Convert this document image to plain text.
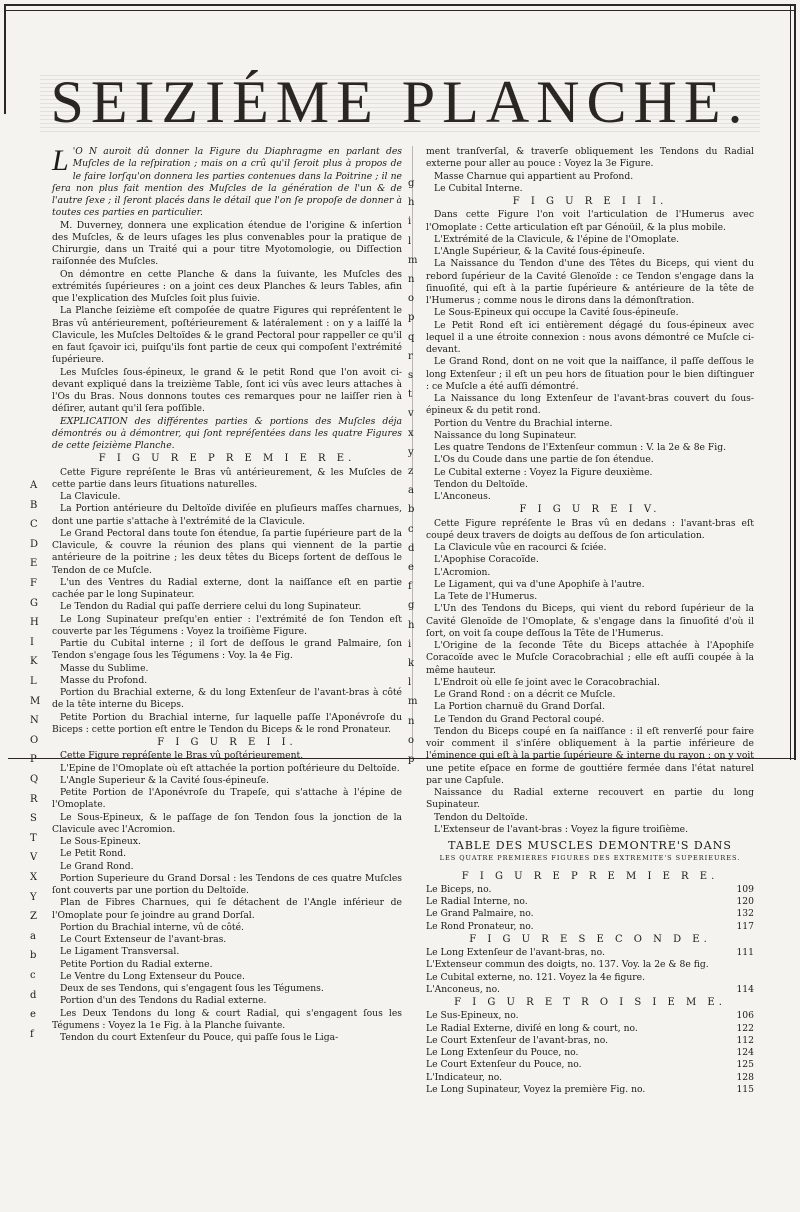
SEIZIÉME PLANCHE.

L 'O N auroit dû donner la Figure du Diaphragme en parlant des Muſcles de la reſpiration ; mais on a crû qu'il ſeroit plus à propos de le faire lorſqu'on donnera les parties contenues dans la Poitrine ; il ne ſera non plus fait mention des Muſcles de la génération de l'un & de l'autre ſexe ; il ſeront placés dans le détail que l'on ſe propoſe de donner à toutes ces parties en particulier.

M. Duverney, donnera une explication étendue de l'origine & inſertion des Muſcles, & de leurs uſages les plus convenables pour la pratique de Chirurgie, dans un Traité qui a pour titre Myotomologie, ou Diſſection raiſonnée des Muſcles.

On démontre en cette Planche & dans la ſuivante, les Muſcles des extrémités ſupérieures : on a joint ces deux Planches & leurs Tables, afin que l'explication des Muſcles ſoit plus ſuivie.

La Planche ſeizième eſt compoſée de quatre Figures qui repréſentent le Bras vû antérieurement, poſtérieurement & latéralement : on y a laiſſé la Clavicule, les Muſcles Deltoïdes & le grand Pectoral pour rappeller ce qu'il en faut ſçavoir ici, puiſqu'ils font partie de ceux qui compoſent l'extrémité ſupérieure.

Les Muſcles ſous-épineux, le grand & le petit Rond que l'on avoit ci-devant expliqué dans la treizième Table, ſont ici vûs avec leurs attaches à l'Os du Bras. Nous donnons toutes ces remarques pour ne laiſſer rien à déſirer, autant qu'il ſera poſſible.

EXPLICATION des différentes parties & portions des Muſcles déja démontrés ou à démontrer, qui ſont repréſentées dans les quatre Figures de cette ſeizième Planche.

F I G U R E P R E M I E R E.

Cette Figure repréſente le Bras vû antérieurement, & les Muſcles de cette partie dans leurs ſituations naturelles.

La Clavicule.

La Portion antérieure du Deltoïde diviſée en pluſieurs maſſes charnues, dont une partie s'attache à l'extrémité de la Clavicule.

Le Grand Pectoral dans toute ſon étendue, ſa partie ſupérieure part de la Clavicule, & couvre la réunion des plans qui viennent de la partie antérieure de la poitrine ; les deux têtes du Biceps ſortent de deſſous le Tendon de ce Muſcle.

L'un des Ventres du Radial externe, dont la naiſſance eſt en partie cachée par le long Supinateur.

Le Tendon du Radial qui paſſe derriere celui du long Supinateur.

Le Long Supinateur preſqu'en entier : l'extrémité de ſon Tendon eſt couverte par les Tégumens : Voyez la troiſième Figure.

Partie du Cubital interne ; il ſort de deſſous le grand Palmaire, ſon Tendon s'engage ſous les Tégumens : Voy. la 4e Fig.

Masse du Sublime.

Masse du Profond.

Portion du Brachial externe, & du long Extenſeur de l'avant-bras à côté de la tête interne du Biceps.

Petite Portion du Brachial interne, ſur laquelle paſſe l'Aponévroſe du Biceps : cette portion eſt entre le Tendon du Biceps & le rond Pronateur.

F I G U R E I I.

Cette Figure repréſente le Bras vû poſtérieurement.

L'Epine de l'Omoplate où eſt attachée la portion poſtérieure du Deltoïde.

L'Angle Superieur & la Cavité ſous-épineuſe.

Petite Portion de l'Aponévroſe du Trapeſe, qui s'attache à l'épine de l'Omoplate.

Le Sous-Epineux, & le paſſage de ſon Tendon ſous la jonction de la Clavicule avec l'Acromion.

Le Sous-Epineux.

Le Petit Rond.

Le Grand Rond.

Portion Superieure du Grand Dorsal : les Tendons de ces quatre Muſcles ſont couverts par une portion du Deltoïde.

Plan de Fibres Charnues, qui ſe détachent de l'Angle inférieur de l'Omoplate pour ſe joindre au grand Dorſal.

Portion du Brachial interne, vû de côté.

Le Court Extenseur de l'avant-bras.

Le Ligament Transversal.

Petite Portion du Radial externe.

Le Ventre du Long Extenseur du Pouce.

Deux de ses Tendons, qui s'engagent ſous les Tégumens.

Portion d'un des Tendons du Radial externe.

Les Deux Tendons du long & court Radial, qui s'engagent ſous les Tégumens : Voyez la 1e Fig. à la Planche ſuivante.

Tendon du court Extenſeur du Pouce, qui paſſe ſous le Liga-

A
B
C
D
E
F
G
H
I
K
L
M
N
O
P
Q
R
S
T
V
X
Y
Z
a
b
c
d
e
f

ment tranſverſal, & traverſe obliquement les Tendons du Radial externe pour aller au pouce : Voyez la 3e Figure.

Masse Charnue qui appartient au Profond.

Le Cubital Interne.

F I G U R E I I I.

Dans cette Figure l'on voit l'articulation de l'Humerus avec l'Omoplate : Cette articulation eſt par Génoüil, & la plus mobile.

L'Extrémité de la Clavicule, & l'épine de l'Omoplate.

L'Angle Supérieur, & la Cavité ſous-épineuſe.

La Naissance du Tendon d'une des Têtes du Biceps, qui vient du rebord ſupérieur de la Cavité Glenoïde : ce Tendon s'engage dans la ſinuoſité, qui eſt à la partie ſupérieure & antérieure de la tête de l'Humerus ; comme nous le dirons dans la démonſtration.

Le Sous-Epineux qui occupe la Cavité ſous-épineuſe.

Le Petit Rond eſt ici entièrement dégagé du ſous-épineux avec lequel il a une étroite connexion : nous avons démontré ce Muſcle ci-devant.

Le Grand Rond, dont on ne voit que la naiſſance, il paſſe deſſous le long Extenſeur ; il eſt un peu hors de ſituation pour le bien diſtinguer : ce Muſcle a été auſſi démontré.

La Naissance du long Extenſeur de l'avant-bras couvert du ſous-épineux & du petit rond.

Portion du Ventre du Brachial interne.

Naissance du long Supinateur.

Les quatre Tendons de l'Extenſeur commun : V. la 2e & 8e Fig.

L'Os du Coude dans une partie de ſon étendue.

Le Cubital externe : Voyez la Figure deuxième.

Tendon du Deltoïde.

L'Anconeus.

F I G U R E I V.

Cette Figure repréſente le Bras vû en dedans : l'avant-bras eſt coupé deux travers de doigts au deſſous de ſon articulation.

La Clavicule vûe en racourci & ſciée.

L'Apophise Coracoïde.

L'Acromion.

Le Ligament, qui va d'une Apophiſe à l'autre.

La Tete de l'Humerus.

L'Un des Tendons du Biceps, qui vient du rebord ſupérieur de la Cavité Glenoïde de l'Omoplate, & s'engage dans la ſinuoſité d'où il ſort, on voit ſa coupe deſſous la Tête de l'Humerus.

L'Origine de la ſeconde Tête du Biceps attachée à l'Apophiſe Coracoïde avec le Muſcle Coracobrachial ; elle eſt auſſi coupée à la même hauteur.

L'Endroit où elle ſe joint avec le Coracobrachial.

Le Grand Rond : on a décrit ce Muſcle.

La Portion charnuë du Grand Dorſal.

Le Tendon du Grand Pectoral coupé.

Tendon du Biceps coupé en ſa naiſſance : il eſt renverſé pour faire voir comment il s'inſére obliquement à la partie inférieure de l'éminence qui eſt à la partie ſupérieure & interne du rayon : on y voit une petite eſpace en forme de gouttiére fermée dans l'état naturel par une Capſule.

Naissance du Radial externe recouvert en partie du long Supinateur.

Tendon du Deltoïde.

L'Extenseur de l'avant-bras : Voyez la figure troiſième.

TABLE DES MUSCLES DEMONTRE'S DANS
LES QUATRE PREMIERES FIGURES DES EXTREMITE'S SUPERIEURES.
F I G U R E P R E M I E R E.
Le Biceps, no.	109
Le Radial Interne, no.	120
Le Grand Palmaire, no.	132
Le Rond Pronateur, no.	117
F I G U R E S E C O N D E.
Le Long Extenſeur de l'avant-bras, no.	111
L'Extenseur commun des doigts, no. 137. Voy. la 2e & 8e fig.
Le Cubital externe, no. 121. Voyez la 4e figure.
L'Anconeus, no.	114
F I G U R E T R O I S I E M E.
Le Sus-Epineux, no.	106
Le Radial Externe, diviſé en long & court, no.	122
Le Court Extenſeur de l'avant-bras, no.	112
Le Long Extenſeur du Pouce, no.	124
Le Court Extenſeur du Pouce, no.	125
L'Indicateur, no.	128
Le Long Supinateur, Voyez la première Fig. no.	115
g
h
i
l
m
n
o
p
q
r
s
t
v
x
y
z
a
b
c
d
e
f
g
h
i
k
l
m
n
o
p
